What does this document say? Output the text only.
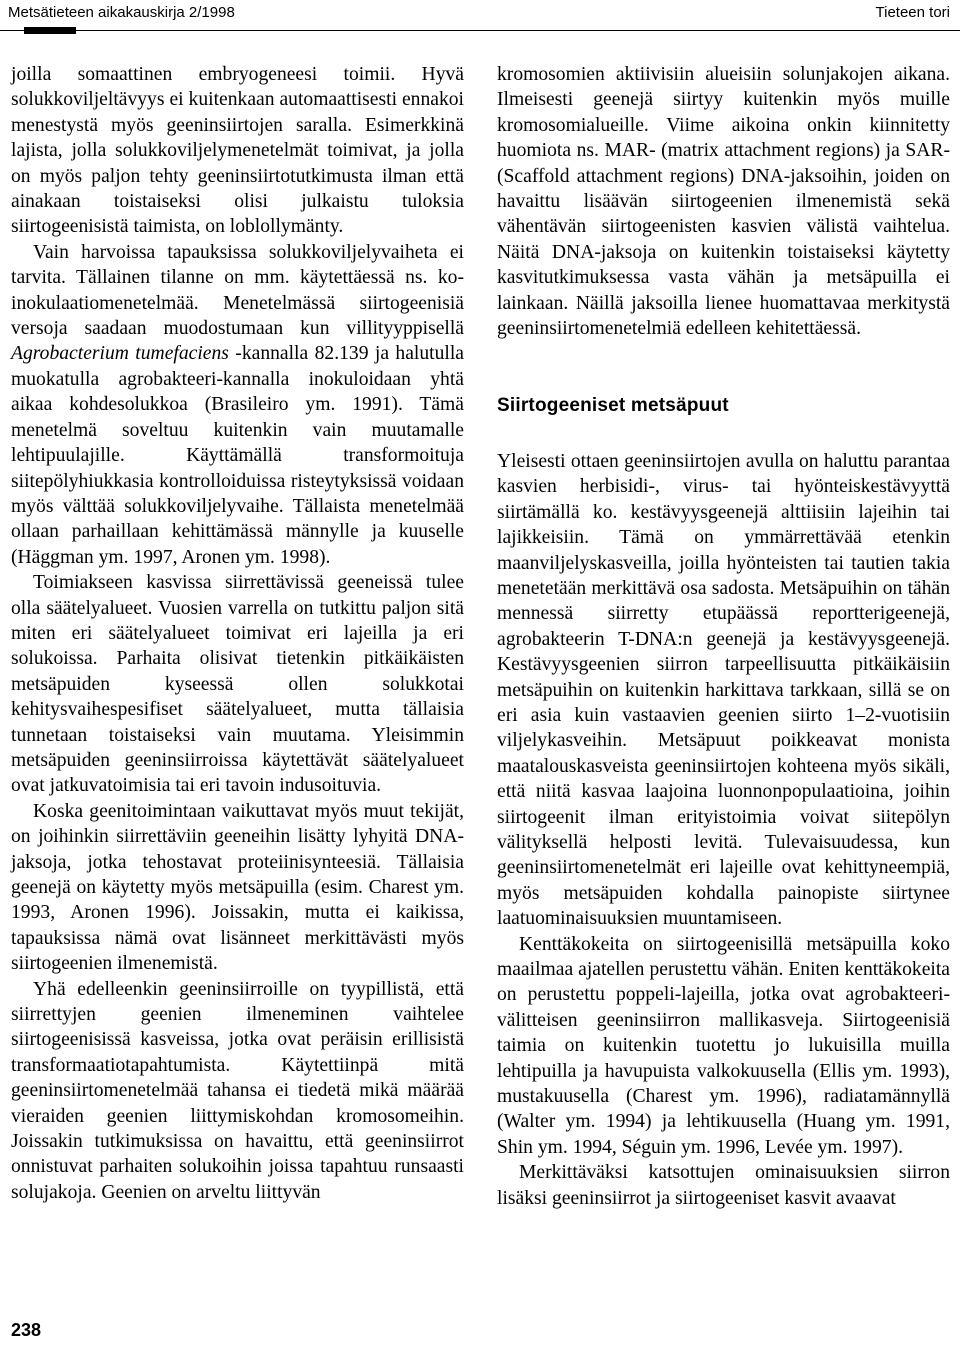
Metsätieteen aikakauskirja 2/1998	Tieteen tori

joilla somaattinen embryogeneesi toimii. Hyvä solukkoviljeltävyys ei kuitenkaan automaattisesti ennakoi menestystä myös geeninsiirtojen saralla. Esimerkkinä lajista, jolla solukkoviljelymenetelmät toimivat, ja jolla on myös paljon tehty geeninsiirtotutkimusta ilman että ainakaan toistaiseksi olisi julkaistu tuloksia siirtogeenisistä taimista, on loblollymänty.

Vain harvoissa tapauksissa solukkoviljelyvaiheta ei tarvita. Tällainen tilanne on mm. käytettäessä ns. ko-inokulaatiomenetelmää. Menetelmässä siirtogeenisiä versoja saadaan muodostumaan kun villityyppisellä Agrobacterium tumefaciens -kannalla 82.139 ja halutulla muokatulla agrobakteeri-kannalla inokuloidaan yhtä aikaa kohdesolukkoa (Brasileiro ym. 1991). Tämä menetelmä soveltuu kuitenkin vain muutamalle lehtipuulajille. Käyttämällä transformoituja siitepölyhiukkasia kontrolloiduissa risteytyksissä voidaan myös välttää solukkoviljelyvaihe. Tällaista menetelmää ollaan parhaillaan kehittämässä männylle ja kuuselle (Häggman ym. 1997, Aronen ym. 1998).

Toimiakseen kasvissa siirrettävissä geeneissä tulee olla säätelyalueet. Vuosien varrella on tutkittu paljon sitä miten eri säätelyalueet toimivat eri lajeilla ja eri solukoissa. Parhaita olisivat tietenkin pitkäikäisten metsäpuiden kyseessä ollen solukkotai kehitysvaihespesifiset säätelyalueet, mutta tällaisia tunnetaan toistaiseksi vain muutama. Yleisimmin metsäpuiden geeninsiirroissa käytettävät säätelyalueet ovat jatkuvatoimisia tai eri tavoin indusoituvia.

Koska geenitoimintaan vaikuttavat myös muut tekijät, on joihinkin siirrettäviin geeneihin lisätty lyhyitä DNA-jaksoja, jotka tehostavat proteiinisynteesiä. Tällaisia geenejä on käytetty myös metsäpuilla (esim. Charest ym. 1993, Aronen 1996). Joissakin, mutta ei kaikissa, tapauksissa nämä ovat lisänneet merkittävästi myös siirtogeenien ilmenemistä.

Yhä edelleenkin geeninsiirroille on tyypillistä, että siirrettyjen geenien ilmeneminen vaihtelee siirtogeenisissä kasveissa, jotka ovat peräisin erillisistä transformaatiotapahtumista. Käytettiinpä mitä geeninsiirtomenetelmää tahansa ei tiedetä mikä määrää vieraiden geenien liittymiskohdan kromosomeihin. Joissakin tutkimuksissa on havaittu, että geeninsiirrot onnistuvat parhaiten solukoihin joissa tapahtuu runsaasti solujakoja. Geenien on arveltu liittyvän

kromosomien aktiivisiin alueisiin solunjakojen aikana. Ilmeisesti geenejä siirtyy kuitenkin myös muille kromosomialueille. Viime aikoina onkin kiinnitetty huomiota ns. MAR- (matrix attachment regions) ja SAR- (Scaffold attachment regions) DNA-jaksoihin, joiden on havaittu lisäävän siirtogeenien ilmenemistä sekä vähentävän siirtogeenisten kasvien välistä vaihtelua. Näitä DNA-jaksoja on kuitenkin toistaiseksi käytetty kasvitutkimuksessa vasta vähän ja metsäpuilla ei lainkaan. Näillä jaksoilla lienee huomattavaa merkitystä geeninsiirtomenetelmiä edelleen kehitettäessä.

Siirtogeeniset metsäpuut

Yleisesti ottaen geeninsiirtojen avulla on haluttu parantaa kasvien herbisidi-, virus- tai hyönteiskestävyyttä siirtämällä ko. kestävyysgeenejä alttiisiin lajeihin tai lajikkeisiin. Tämä on ymmärrettävää etenkin maanviljelyskasveilla, joilla hyönteisten tai tautien takia menetetään merkittävä osa sadosta. Metsäpuihin on tähän mennessä siirretty etupäässä reportterigeenejä, agrobakteerin T-DNA:n geenejä ja kestävyysgeenejä. Kestävyysgeenien siirron tarpeellisuutta pitkäikäisiin metsäpuihin on kuitenkin harkittava tarkkaan, sillä se on eri asia kuin vastaavien geenien siirto 1–2-vuotisiin viljelykasveihin. Metsäpuut poikkeavat monista maatalouskasveista geeninsiirtojen kohteena myös sikäli, että niitä kasvaa laajoina luonnonpopulaatioina, joihin siirtogeenit ilman erityistoimia voivat siitepölyn välityksellä helposti levitä. Tulevaisuudessa, kun geeninsiirtomenetelmät eri lajeille ovat kehittyneempiä, myös metsäpuiden kohdalla painopiste siirtynee laatuominaisuuksien muuntamiseen.

Kenttäkokeita on siirtogeenisillä metsäpuilla koko maailmaa ajatellen perustettu vähän. Eniten kenttäkokeita on perustettu poppeli-lajeilla, jotka ovat agrobakteeri-välitteisen geeninsiirron mallikasveja. Siirtogeenisiä taimia on kuitenkin tuotettu jo lukuisilla muilla lehtipuilla ja havupuista valkokuusella (Ellis ym. 1993), mustakuusella (Charest ym. 1996), radiatamännyllä (Walter ym. 1994) ja lehtikuusella (Huang ym. 1991, Shin ym. 1994, Séguin ym. 1996, Levée ym. 1997).

Merkittäväksi katsottujen ominaisuuksien siirron lisäksi geeninsiirrot ja siirtogeeniset kasvit avaavat

238
